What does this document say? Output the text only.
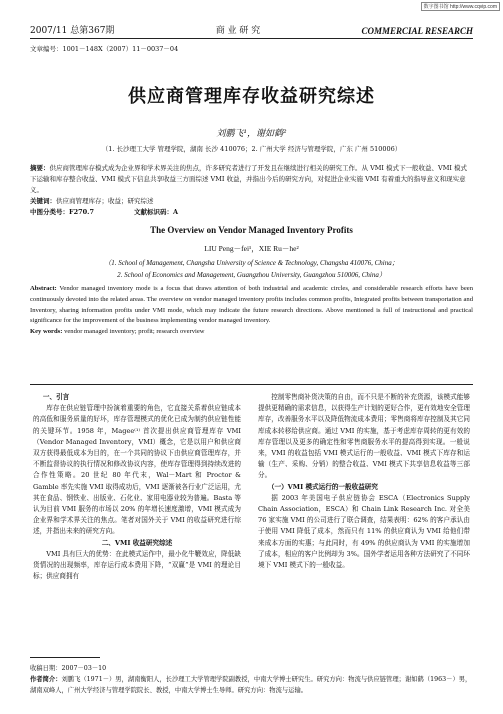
数字图书馆 http://www.cqvip.com
2007/11 总第367期	商 业 研 究	COMMERCIAL RESEARCH
文章编号：1001－148X（2007）11－0037－04
供应商管理库存收益研究综述
刘鹏飞¹，谢如鹤²
（1. 长沙理工大学 管理学院，湖南 长沙 410076；2. 广州大学 经济与管理学院，广东 广州 510006）
摘要：供应商管理库存模式成为企业界和学术界关注的焦点，许多研究者进行了开发且在继续进行相关的研究工作。从 VMI 模式下一般收益、VMI 模式下运输和库存整合收益、VMI 模式下信息共享收益三方面综述 VMI 收益，并指出今后的研究方向，对促进企业实施 VMI 有着重大的指导意义和现实意义。
关键词：供应商管理库存；收益；研究综述
中图分类号：F270.7	文献标识码：A
The Overview on Vendor Managed Inventory Profits
LIU Peng－fei¹，XIE Ru－he²
（1. School of Management, Changsha University of Science & Technology, Changsha 410076, China；
2. School of Economics and Management, Guangzhou University, Guangzhou 510006, China）
Abstract: Vendor managed inventory mode is a focus that draws attention of both industrial and academic circles, and considerable research efforts have been continuously devoted into the related areas. The overview on vendor managed inventory profits includes common profits, Integrated profits between transportation and Inventory, sharing information profits under VMI mode, which may indicate the future research directions. Above mentioned is full of instructional and practical significance for the improvement of the business implementing vendor managed inventory.
Key words: vendor managed inventory; profit; research overview

一、引言

库存在供应链管理中扮演着重要的角色，它直接关系着供应链成本的高低和服务质量的好坏，库存管理模式的优化已成为制约供应链性能的关键环节。1958 年，Magee⁽¹⁾ 首次提出供应商管理库存 VMI（Vendor Managed Inventory，VMI）概念，它是以用户和供应商双方获得最低成本为目的，在一个共同的协议下由供应商管理库存，并不断监督协议的执行情况和修改协议内容，使库存管理得到持续改进的合作性策略。20 世纪 80 年代末，Wal－Mart 和 Proctor & Gamble 率先实施 VMI 取得成功后，VMI 逐渐被各行业广泛运用，尤其在食品、钢铁业、出版业、石化业、家用电器业较为普遍。Basta 等认为目前 VMI 服务的市场以 20% 的年增长速度激增，VMI 模式成为企业界和学术界关注的焦点。笔者对国外关于 VMI 的收益研究进行综述，并指出未来的研究方向。

二、VMI 收益研究综述

VMI 具有巨大的优势：在此模式运作中，最小化牛鞭效应，降低缺货情况的出现频率，库存运行成本费用下降，“双赢”是 VMI 的理论目标；供应商拥有

控制零售商补货决策的自由，而不只是不断的补充货源，该模式能够提供更精确的需求信息，以获得生产计划的更好合作，更有效地安全管理库存，改善服务水平以及降低物流成本费用；零售商将库存控制及其它同库成本转移给供应商。通过 VMI 的实施，基于考虑库存周转的更有效的库存管理以及更多的确定性和零售商服务水平的提高得到实现。一般说来，VMI 的收益包括 VMI 模式运行的一般收益、VMI 模式下库存和运输（生产、采购、分销）的整合收益、VMI 模式下共享信息收益等三部分。

（一）VMI 模式运行的一般收益研究

据 2003 年美国电子供应链协会 ESCA（Electronics Supply Chain Association，ESCA）和 Chain Link Research Inc. 对全美 76 家实施 VMI 的公司进行了联合调查，结果表明：62% 的客户承认由于使用 VMI 降低了成本，然而只有 11% 的供应商认为 VMI 给他们带来成本方面的实惠；与此同时，有 49% 的供应商认为 VMI 的实施增加了成本，相应的客户比例却为 3%。国外学者运用各种方法研究了不同环境下 VMI 模式下的一般收益。

收稿日期：2007－03－10
作者简介：刘鹏飞（1971－）男，湖南衡阳人，长沙理工大学管理学院副教授，中南大学博士研究生。研究方向：物流与供应链管理；谢如鹤（1963－）男，湖南双峰人，广州大学经济与管理学院院长、教授，中南大学博士生导师。研究方向：物流与运输。
